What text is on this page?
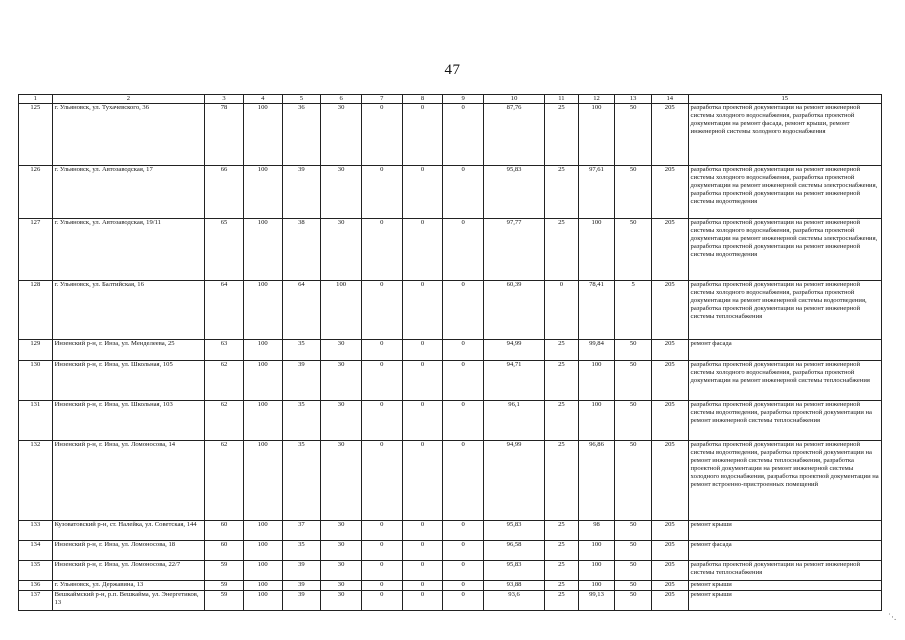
47
1	2	3	4	5	6	7	8	9	10	11	12	13	14	15
125	г. Ульяновск, ул. Тухачевского, 36	78	100	36	30	0	0	0	87,76	25	100	50	205	разработка проектной документации на ремонт инженерной системы холодного водоснабжения, разработка проектной документации на ремонт фасада, ремонт крыши, ремонт инженерной системы холодного водоснабжения
126	г. Ульяновск, ул. Автозаводская, 17	66	100	39	30	0	0	0	95,83	25	97,61	50	205	разработка проектной документации на ремонт инженерной системы холодного водоснабжения, разработка проектной документации на ремонт инженерной системы электроснабжения, разработка проектной документации на ремонт инженерной системы водоотведения
127	г. Ульяновск, ул. Автозаводская, 19/11	65	100	38	30	0	0	0	97,77	25	100	50	205	разработка проектной документации на ремонт инженерной системы холодного водоснабжения, разработка проектной документации на ремонт инженерной системы электроснабжения, разработка проектной документации на ремонт инженерной системы водоотведения
128	г. Ульяновск, ул. Балтийская, 16	64	100	64	100	0	0	0	60,39	0	78,41	5	205	разработка проектной документации на ремонт инженерной системы холодного водоснабжения, разработка проектной документации на ремонт инженерной системы водоотведения, разработка проектной документации на ремонт инженерной системы теплоснабжения
129	Инзенский р-н, г. Инза, ул. Менделеева, 25	63	100	35	30	0	0	0	94,99	25	99,84	50	205	ремонт фасада
130	Инзенский р-н, г. Инза, ул. Школьная, 105	62	100	39	30	0	0	0	94,71	25	100	50	205	разработка проектной документации на ремонт инженерной системы холодного водоснабжения, разработка проектной документации на ремонт инженерной системы теплоснабжения
131	Инзенский р-н, г. Инза, ул. Школьная, 103	62	100	35	30	0	0	0	96,1	25	100	50	205	разработка проектной документации на ремонт инженерной системы водоотведения, разработка проектной документации на ремонт инженерной системы теплоснабжения
132	Инзенский р-н, г. Инза, ул. Ломоносова, 14	62	100	35	30	0	0	0	94,99	25	96,86	50	205	разработка проектной документации на ремонт инженерной системы водоотведения, разработка проектной документации на ремонт инженерной системы теплоснабжения, разработка проектной документации на ремонт инженерной системы холодного водоснабжения, разработка проектной документации на ремонт встроенно-пристроенных помещений
133	Кузоватовский р-н, ст. Налейка, ул. Советская, 144	60	100	37	30	0	0	0	95,83	25	98	50	205	ремонт крыши
134	Инзенский р-н, г. Инза, ул. Ломоносова, 18	60	100	35	30	0	0	0	96,58	25	100	50	205	ремонт фасада
135	Инзенский р-н, г. Инза, ул. Ломоносова, 22/7	59	100	39	30	0	0	0	95,83	25	100	50	205	разработка проектной документации на ремонт инженерной системы теплоснабжения
136	г. Ульяновск, ул. Державина, 13	59	100	39	30	0	0	0	93,88	25	100	50	205	ремонт крыши
137	Вешкаймский р-н, р.п. Вешкайма, ул. Энергетиков, 13	59	100	39	30	0	0	0	93,6	25	99,13	50	205	ремонт крыши
˙·.
